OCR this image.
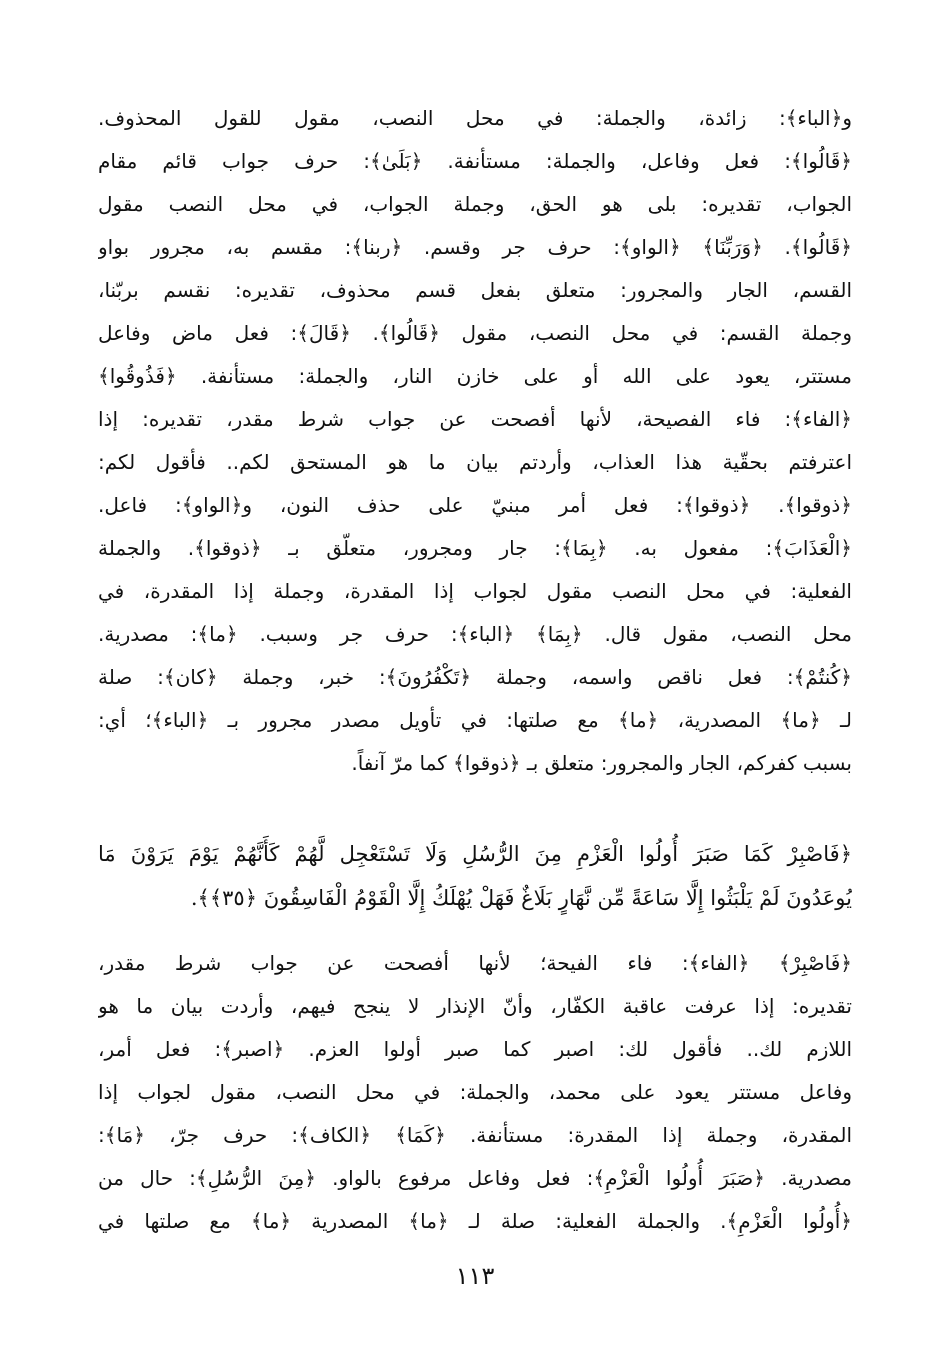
و﴿الباء﴾: زائدة، والجملة: في محل النصب، مقول للقول المحذوف.
﴿قَالُوا﴾: فعل وفاعل، والجملة: مستأنفة. ﴿بَلَىٰ﴾: حرف جواب قائم مقام
الجواب، تقديره: بلى هو الحق، وجملة الجواب، في محل النصب مقول
﴿قَالُوا﴾. ﴿وَرَبِّنَا﴾ ﴿الواو﴾: حرف جر وقسم. ﴿ربنا﴾: مقسم به، مجرور بواو
القسم، الجار والمجرور: متعلق بفعل قسم محذوف، تقديره: نقسم بربّنا،
وجملة القسم: في محل النصب، مقول ﴿قَالُوا﴾. ﴿قَالَ﴾: فعل ماض وفاعل
مستتر، يعود على الله أو على خازن النار، والجملة: مستأنفة. ﴿فَذُوقُوا﴾
﴿الفاء﴾: فاء الفصيحة، لأنها أفصحت عن جواب شرط مقدر، تقديره: إذا
اعترفتم بحقّية هذا العذاب، وأردتم بيان ما هو المستحق لكم.. فأقول لكم:
﴿ذوقوا﴾. ﴿ذوقوا﴾: فعل أمر مبنيّ على حذف النون، و﴿الواو﴾: فاعل.
﴿الْعَذَابَ﴾: مفعول به. ﴿بِمَا﴾: جار ومجرور، متعلّق بـ ﴿ذوقوا﴾. والجملة
الفعلية: في محل النصب مقول لجواب إذا المقدرة، وجملة إذا المقدرة، في
محل النصب، مقول قال. ﴿بِمَا﴾ ﴿الباء﴾: حرف جر وسبب. ﴿ما﴾: مصدرية.
﴿كُنتُمْ﴾: فعل ناقص واسمه، وجملة ﴿تَكْفُرُونَ﴾: خبر، وجملة ﴿كان﴾: صلة
لـ ﴿ما﴾ المصدرية، ﴿ما﴾ مع صلتها: في تأويل مصدر مجرور بـ ﴿الباء﴾؛ أي:
بسبب كفركم، الجار والمجرور: متعلق بـ ﴿ذوقوا﴾ كما مرّ آنفاً.

﴿فَاصْبِرْ كَمَا صَبَرَ أُولُوا الْعَزْمِ مِنَ الرُّسُلِ وَلَا تَسْتَعْجِل لَّهُمْ كَأَنَّهُمْ يَوْمَ يَرَوْنَ مَا
يُوعَدُونَ لَمْ يَلْبَثُوا إِلَّا سَاعَةً مِّن نَّهَارٍ بَلَاغٌ فَهَلْ يُهْلَكُ إِلَّا الْقَوْمُ الْفَاسِقُونَ ﴿٣٥﴾﴾.

﴿فَاصْبِرْ﴾ ﴿الفاء﴾: فاء الفيحة؛ لأنها أفصحت عن جواب شرط مقدر،
تقديره: إذا عرفت عاقبة الكفّار، وأنّ الإنذار لا ينجح فيهم، وأردت بيان ما هو
اللازم لك.. فأقول لك: اصبر كما صبر أولوا العزم. ﴿اصبر﴾: فعل أمر،
وفاعل مستتر يعود على محمد، والجملة: في محل النصب، مقول لجواب إذا
المقدرة، وجملة إذا المقدرة: مستأنفة. ﴿كَمَا﴾ ﴿الكاف﴾: حرف جرّ، ﴿مَا﴾:
مصدرية. ﴿صَبَرَ أُولُوا الْعَزْمِ﴾: فعل وفاعل مرفوع بالواو. ﴿مِنَ الرُّسُلِ﴾: حال من
﴿أُولُوا الْعَزْمِ﴾. والجملة الفعلية: صلة لـ ﴿ما﴾ المصدرية ﴿ما﴾ مع صلتها في

١١٣
